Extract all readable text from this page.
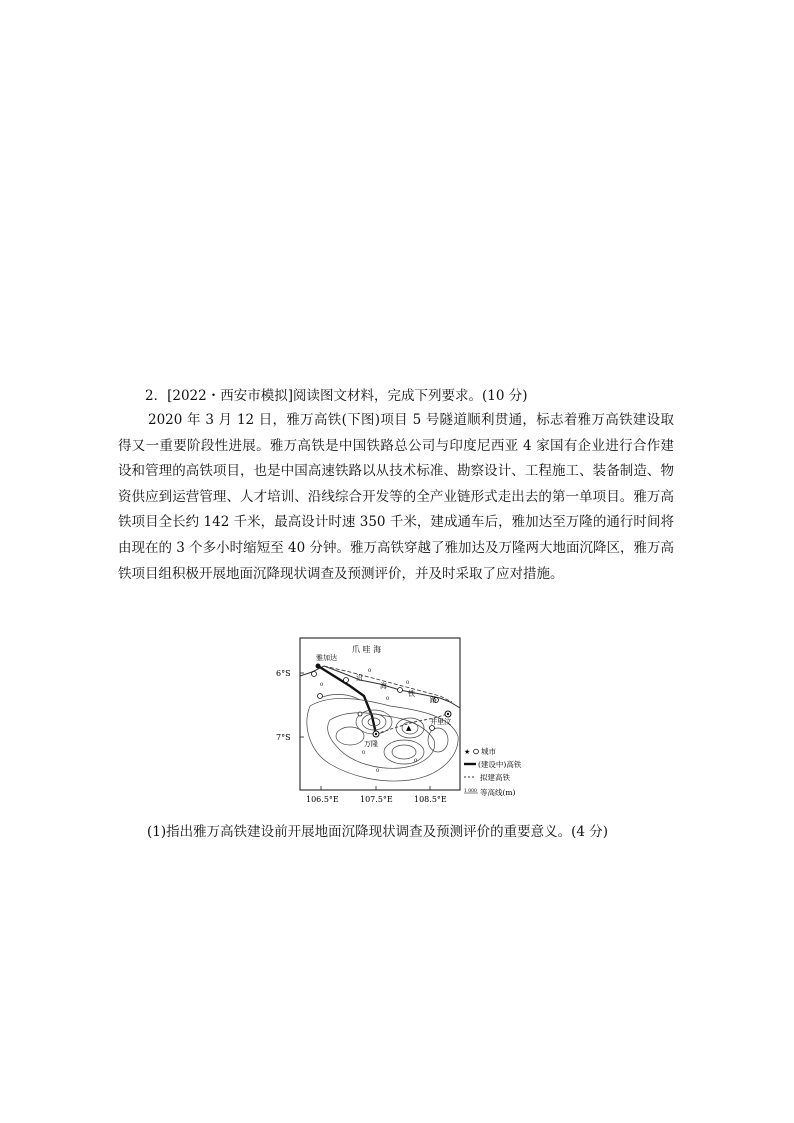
2．[2022・西安市模拟]阅读图文材料，完成下列要求。(10 分)

2020 年 3 月 12 日，雅万高铁(下图)项目 5 号隧道顺利贯通，标志着雅万高铁建设取得又一重要阶段性进展。雅万高铁是中国铁路总公司与印度尼西亚 4 家国有企业进行合作建设和管理的高铁项目，也是中国高速铁路以从技术标准、勘察设计、工程施工、装备制造、物资供应到运营管理、人才培训、沿线综合开发等的全产业链形式走出去的第一单项目。雅万高铁项目全长约 142 千米，最高设计时速 350 千米，建成通车后，雅加达至万隆的通行时间将由现在的 3 个多小时缩短至 40 分钟。雅万高铁穿越了雅加达及万隆两大地面沉降区，雅万高铁项目组积极开展地面沉降现状调查及预测评价，并及时采取了应对措施。

雅加达
万隆
井里汶
爪 哇 海
沿
海
铁
路
▲
0
0
0
0
0
0
0
6°S
7°S
106.5°E	107.5°E	108.5°E
★ 城市
(建设中)高铁
拟建高铁
1 000 等高线(m)
(1)指出雅万高铁建设前开展地面沉降现状调查及预测评价的重要意义。(4 分)
